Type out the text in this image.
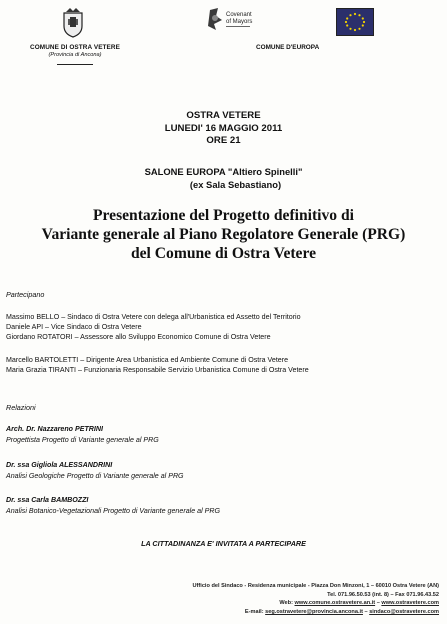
Covenant
of Mayors
COMUNE DI OSTRA VETERE
(Provincia di Ancona)
COMUNE D'EUROPA
OSTRA VETERE
LUNEDI' 16 MAGGIO 2011
ORE 21
SALONE EUROPA "Altiero Spinelli"
(ex Sala Sebastiano)
Presentazione del Progetto definitivo di
Variante generale al Piano Regolatore Generale (PRG)
del Comune di Ostra Vetere
Partecipano
Massimo BELLO – Sindaco di Ostra Vetere con delega all'Urbanistica ed Assetto del Territorio
Daniele API – Vice Sindaco di Ostra Vetere
Giordano ROTATORI – Assessore allo Sviluppo Economico Comune di Ostra Vetere
Marcello BARTOLETTI – Dirigente Area Urbanistica ed Ambiente Comune di Ostra Vetere
Maria Grazia TIRANTI – Funzionaria Responsabile Servizio Urbanistica Comune di Ostra Vetere
Relazioni
Arch. Dr. Nazzareno PETRINI
Progettista Progetto di Variante generale al PRG
Dr. ssa Gigliola ALESSANDRINI
Analisi Geologiche Progetto di Variante generale al PRG
Dr. ssa Carla BAMBOZZI
Analisi Botanico-Vegetazionali Progetto di Variante generale al PRG
LA CITTADINANZA E' INVITATA A PARTECIPARE
Ufficio del Sindaco - Residenza municipale - Piazza Don Minzoni, 1 – 60010 Ostra Vetere (AN)
Tel. 071.96.50.53 (int. 8) – Fax 071.96.43.52
Web: www.comune.ostravetere.an.it – www.ostravetere.com
E-mail: seg.ostravetere@provincia.ancona.it – sindaco@ostravetere.com
